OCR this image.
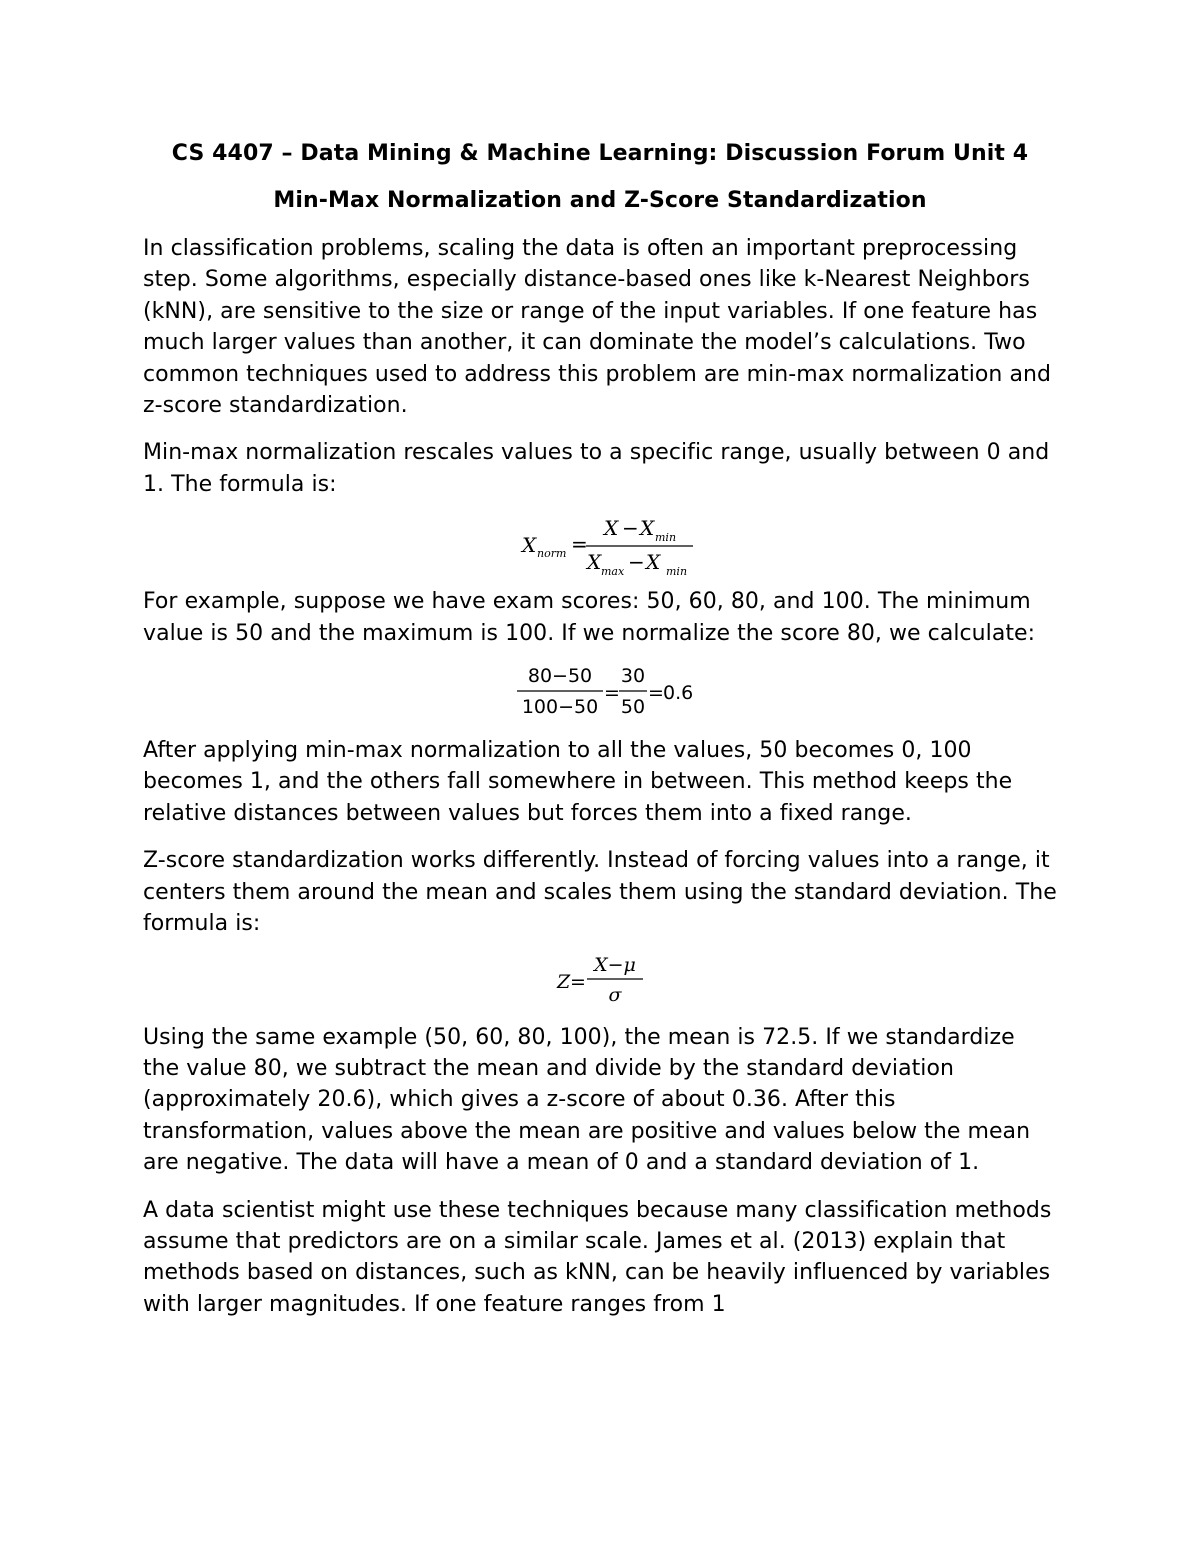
CS 4407 – Data Mining & Machine Learning: Discussion Forum Unit 4
Min-Max Normalization and Z-Score Standardization

In classification problems, scaling the data is often an important preprocessing step. Some algorithms, especially distance-based ones like k-Nearest Neighbors (kNN), are sensitive to the size or range of the input variables. If one feature has much larger values than another, it can dominate the model’s calculations. Two common techniques used to address this problem are min-max normalization and z-score standardization.

Min-max normalization rescales values to a specific range, usually between 0 and 1. The formula is:

X norm =
X − X min
X max − X min

For example, suppose we have exam scores: 50, 60, 80, and 100. The minimum value is 50 and the maximum is 100. If we normalize the score 80, we calculate:

80−50
100−50
=
30
50
= 0.6

After applying min-max normalization to all the values, 50 becomes 0, 100 becomes 1, and the others fall somewhere in between. This method keeps the relative distances between values but forces them into a fixed range.

Z-score standardization works differently. Instead of forcing values into a range, it centers them around the mean and scales them using the standard deviation. The formula is:

Z =
X−μ
σ

Using the same example (50, 60, 80, 100), the mean is 72.5. If we standardize the value 80, we subtract the mean and divide by the standard deviation (approximately 20.6), which gives a z-score of about 0.36. After this transformation, values above the mean are positive and values below the mean are negative. The data will have a mean of 0 and a standard deviation of 1.

A data scientist might use these techniques because many classification methods assume that predictors are on a similar scale. James et al. (2013) explain that methods based on distances, such as kNN, can be heavily influenced by variables with larger magnitudes. If one feature ranges from 1
